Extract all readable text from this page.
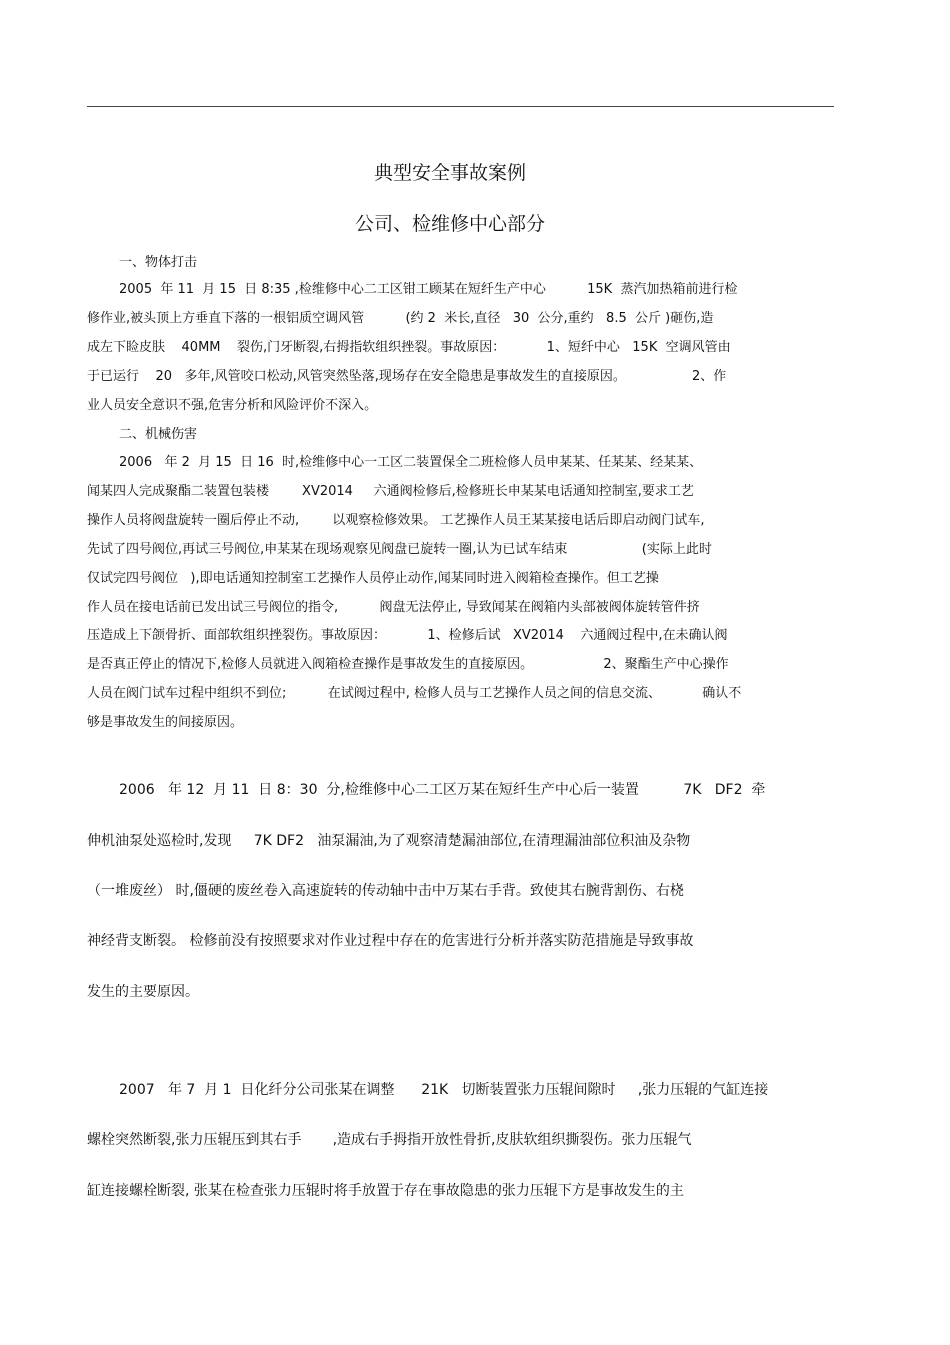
典型安全事故案例
公司、检维修中心部分
一、物体打击
2005  年 11  月 15  日 8:35 ,检维修中心二工区钳工顾某在短纤生产中心          15K  蒸汽加热箱前进行检
修作业,被头顶上方垂直下落的一根铝质空调风管          (约 2  米长,直径   30  公分,重约   8.5  公斤 )砸伤,造
成左下睑皮肤    40MM    裂伤,门牙断裂,右拇指软组织挫裂。事故原因：          1、短纤中心   15K  空调风管由
于已运行    20   多年,风管咬口松动,风管突然坠落,现场存在安全隐患是事故发生的直接原因。                2、作
业人员安全意识不强,危害分析和风险评价不深入。
二、机械伤害
2006   年 2  月 15  日 16  时,检维修中心一工区二装置保全二班检修人员申某某、任某某、经某某、
闻某四人完成聚酯二装置包装楼        XV2014     六通阀检修后,检修班长申某某电话通知控制室,要求工艺
操作人员将阀盘旋转一圈后停止不动,        以观察检修效果。 工艺操作人员王某某接电话后即启动阀门试车,
先试了四号阀位,再试三号阀位,申某某在现场观察见阀盘已旋转一圈,认为已试车结束                  (实际上此时
仅试完四号阀位   ),即电话通知控制室工艺操作人员停止动作,闻某同时进入阀箱检查操作。但工艺操
作人员在接电话前已发出试三号阀位的指令,          阀盘无法停止, 导致闻某在阀箱内头部被阀体旋转管件挤
压造成上下颌骨折、面部软组织挫裂伤。事故原因：          1、检修后试   XV2014    六通阀过程中,在未确认阀
是否真正停止的情况下,检修人员就进入阀箱检查操作是事故发生的直接原因。                 2、聚酯生产中心操作
人员在阀门试车过程中组织不到位;          在试阀过程中, 检修人员与工艺操作人员之间的信息交流、          确认不
够是事故发生的间接原因。
2006   年 12  月 11  日 8：30  分,检维修中心二工区万某在短纤生产中心后一装置          7K   DF2  牵
伸机油泵处巡检时,发现     7K DF2   油泵漏油,为了观察清楚漏油部位,在清理漏油部位积油及杂物
（一堆废丝） 时,僵硬的废丝卷入高速旋转的传动轴中击中万某右手背。致使其右腕背割伤、右桡
神经背支断裂。 检修前没有按照要求对作业过程中存在的危害进行分析并落实防范措施是导致事故
发生的主要原因。
2007   年 7  月 1  日化纤分公司张某在调整      21K   切断装置张力压辊间隙时     ,张力压辊的气缸连接
螺栓突然断裂,张力压辊压到其右手       ,造成右手拇指开放性骨折,皮肤软组织撕裂伤。张力压辊气
缸连接螺栓断裂, 张某在检查张力压辊时将手放置于存在事故隐患的张力压辊下方是事故发生的主
